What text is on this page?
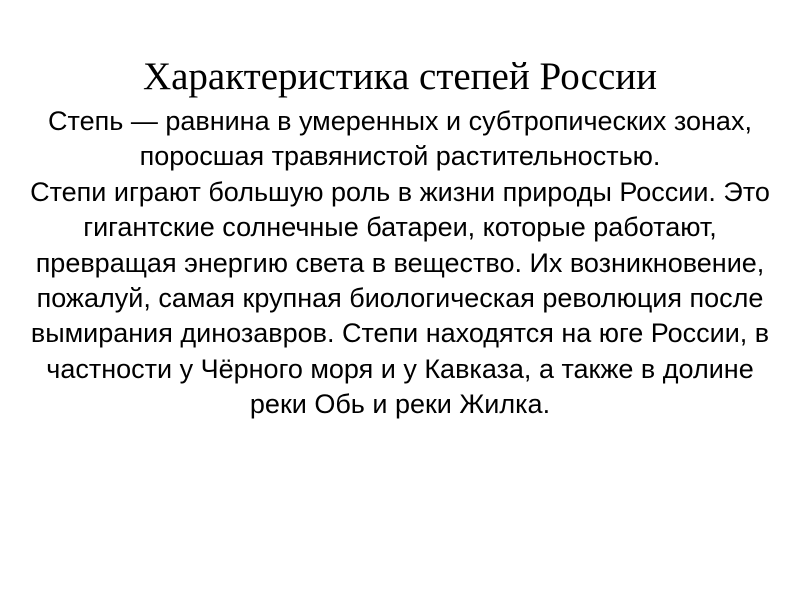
Характеристика степей России

Степь — равнина в умеренных и субтропических зонах, поросшая травянистой растительностью.

Степи играют большую роль в жизни природы России. Это гигантские солнечные батареи, которые работают, превращая энергию света в вещество. Их возникновение, пожалуй, самая крупная биологическая революция после вымирания динозавров. Степи находятся на юге России, в частности у Чёрного моря и у Кавказа, а также в долине реки Обь и реки Жилка.
